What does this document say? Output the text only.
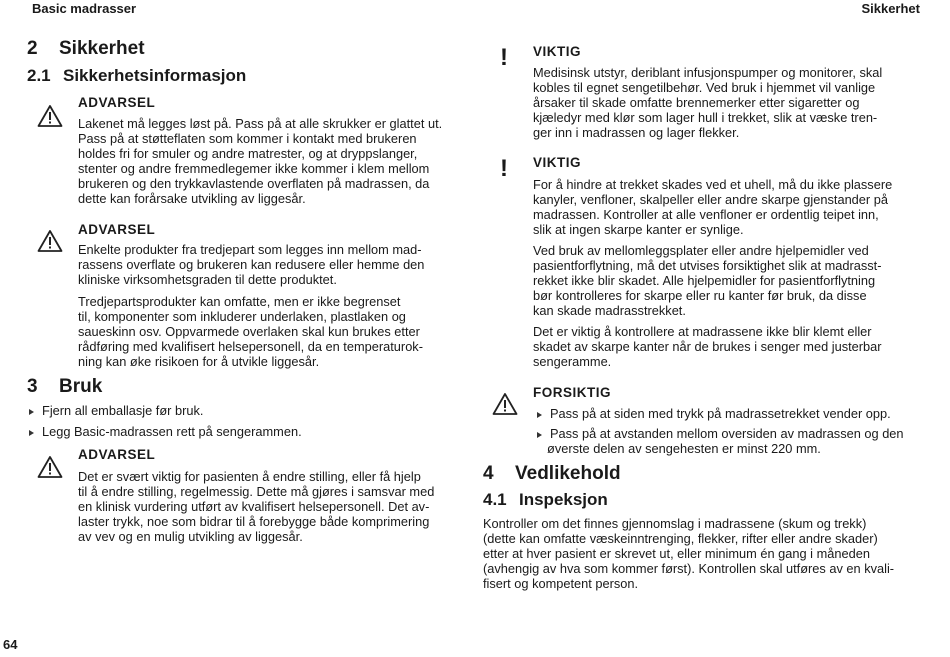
Basic madrasser	Sikkerhet
2 Sikkerhet
2.1 Sikkerhetsinformasjon
ADVARSEL
Lakenet må legges løst på. Pass på at alle skrukker er glattet ut.
Pass på at støtteflaten som kommer i kontakt med brukeren
holdes fri for smuler og andre matrester, og at dryppslanger,
stenter og andre fremmedlegemer ikke kommer i klem mellom
brukeren og den trykkavlastende overflaten på madrassen, da
dette kan forårsake utvikling av liggesår.
ADVARSEL
Enkelte produkter fra tredjepart som legges inn mellom mad-
rassens overflate og brukeren kan redusere eller hemme den
kliniske virksomhetsgraden til dette produktet.
Tredjepartsprodukter kan omfatte, men er ikke begrenset
til, komponenter som inkluderer underlaken, plastlaken og
saueskinn osv. Oppvarmede overlaken skal kun brukes etter
rådføring med kvalifisert helsepersonell, da en temperaturok-
ning kan øke risikoen for å utvikle liggesår.
3 Bruk
Fjern all emballasje før bruk.
Legg Basic-madrassen rett på sengerammen.
ADVARSEL
Det er svært viktig for pasienten å endre stilling, eller få hjelp
til å endre stilling, regelmessig. Dette må gjøres i samsvar med
en klinisk vurdering utført av kvalifisert helsepersonell. Det av-
laster trykk, noe som bidrar til å forebygge både komprimering
av vev og en mulig utvikling av liggesår.
64
! VIKTIG
Medisinsk utstyr, deriblant infusjonspumper og monitorer, skal
kobles til egnet sengetilbehør. Ved bruk i hjemmet vil vanlige
årsaker til skade omfatte brennemerker etter sigaretter og
kjæledyr med klør som lager hull i trekket, slik at væske tren-
ger inn i madrassen og lager flekker.
! VIKTIG
For å hindre at trekket skades ved et uhell, må du ikke plassere
kanyler, venfloner, skalpeller eller andre skarpe gjenstander på
madrassen. Kontroller at alle venfloner er ordentlig teipet inn,
slik at ingen skarpe kanter er synlige.
Ved bruk av mellomleggsplater eller andre hjelpemidler ved
pasientforflytning, må det utvises forsiktighet slik at madrasst-
rekket ikke blir skadet. Alle hjelpemidler for pasientforflytning
bør kontrolleres for skarpe eller ru kanter før bruk, da disse
kan skade madrasstrekket.
Det er viktig å kontrollere at madrassene ikke blir klemt eller
skadet av skarpe kanter når de brukes i senger med justerbar
sengeramme.
FORSIKTIG
Pass på at siden med trykk på madrassetrekket vender opp.
Pass på at avstanden mellom oversiden av madrassen og den
øverste delen av sengehesten er minst 220 mm.
4 Vedlikehold
4.1 Inspeksjon
Kontroller om det finnes gjennomslag i madrassene (skum og trekk)
(dette kan omfatte væskeinntrenging, flekker, rifter eller andre skader)
etter at hver pasient er skrevet ut, eller minimum én gang i måneden
(avhengig av hva som kommer først). Kontrollen skal utføres av en kvali-
fisert og kompetent person.
